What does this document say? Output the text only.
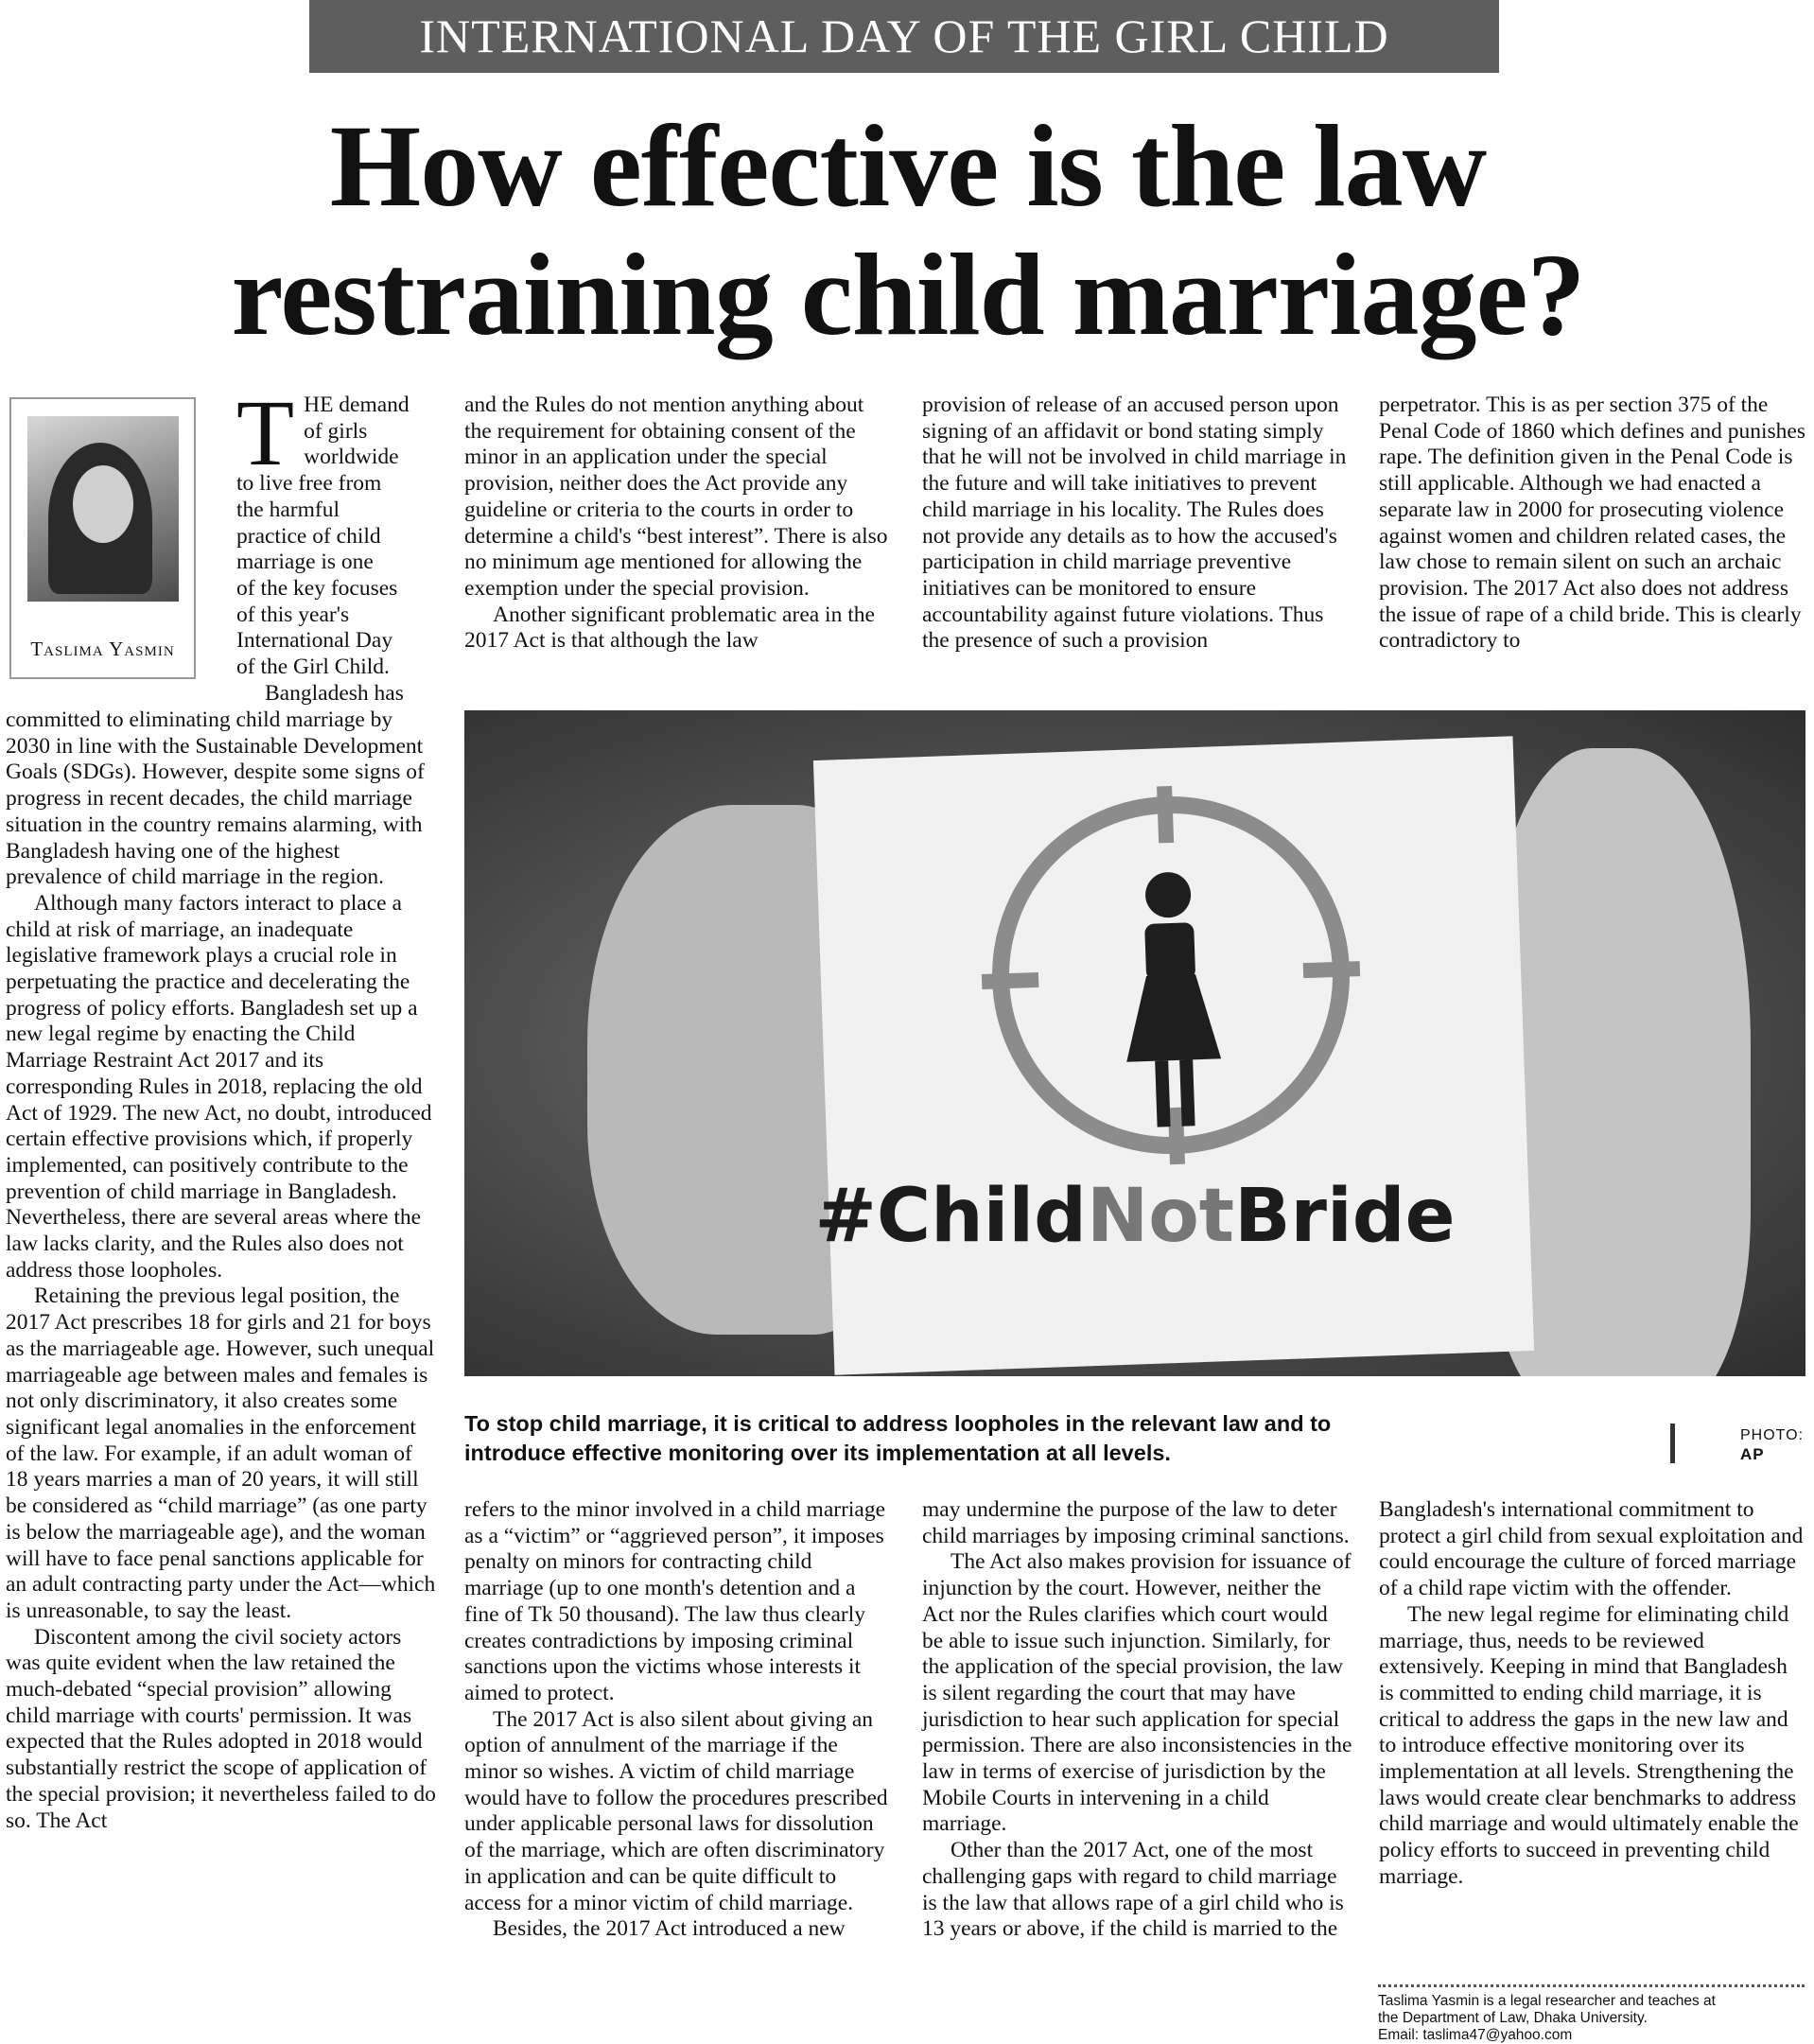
INTERNATIONAL DAY OF THE GIRL CHILD
How effective is the law
restraining child marriage?
Taslima Yasmin
T HE demand
of girls
worldwide
to live free from
the harmful
practice of child
marriage is one
of the key focuses
of this year's
International Day
of the Girl Child.
Bangladesh has

committed to eliminating child marriage by 2030 in line with the Sustainable Development Goals (SDGs). However, despite some signs of progress in recent decades, the child marriage situation in the country remains alarming, with Bangladesh having one of the highest prevalence of child marriage in the region.

Although many factors interact to place a child at risk of marriage, an inadequate legislative framework plays a crucial role in perpetuating the practice and decelerating the progress of policy efforts. Bangladesh set up a new legal regime by enacting the Child Marriage Restraint Act 2017 and its corresponding Rules in 2018, replacing the old Act of 1929. The new Act, no doubt, introduced certain effective provisions which, if properly implemented, can positively contribute to the prevention of child marriage in Bangladesh. Nevertheless, there are several areas where the law lacks clarity, and the Rules also does not address those loopholes.

Retaining the previous legal position, the 2017 Act prescribes 18 for girls and 21 for boys as the marriageable age. However, such unequal marriageable age between males and females is not only discriminatory, it also creates some significant legal anomalies in the enforcement of the law. For example, if an adult woman of 18 years marries a man of 20 years, it will still be considered as “child marriage” (as one party is below the marriageable age), and the woman will have to face penal sanctions applicable for an adult contracting party under the Act—which is unreasonable, to say the least.

Discontent among the civil society actors was quite evident when the law retained the much-debated “special provision” allowing child marriage with courts' permission. It was expected that the Rules adopted in 2018 would substantially restrict the scope of application of the special provision; it nevertheless failed to do so. The Act

and the Rules do not mention anything about the requirement for obtaining consent of the minor in an application under the special provision, neither does the Act provide any guideline or criteria to the courts in order to determine a child's “best interest”. There is also no minimum age mentioned for allowing the exemption under the special provision.

Another significant problematic area in the 2017 Act is that although the law

provision of release of an accused person upon signing of an affidavit or bond stating simply that he will not be involved in child marriage in the future and will take initiatives to prevent child marriage in his locality. The Rules does not provide any details as to how the accused's participation in child marriage preventive initiatives can be monitored to ensure accountability against future violations. Thus the presence of such a provision

perpetrator. This is as per section 375 of the Penal Code of 1860 which defines and punishes rape. The definition given in the Penal Code is still applicable. Although we had enacted a separate law in 2000 for prosecuting violence against women and children related cases, the law chose to remain silent on such an archaic provision. The 2017 Act also does not address the issue of rape of a child bride. This is clearly contradictory to

#ChildNotBride
To stop child marriage, it is critical to address loopholes in the relevant law and to introduce effective monitoring over its implementation at all levels.
PHOTO:
AP

refers to the minor involved in a child marriage as a “victim” or “aggrieved person”, it imposes penalty on minors for contracting child marriage (up to one month's detention and a fine of Tk 50 thousand). The law thus clearly creates contradictions by imposing criminal sanctions upon the victims whose interests it aimed to protect.

The 2017 Act is also silent about giving an option of annulment of the marriage if the minor so wishes. A victim of child marriage would have to follow the procedures prescribed under applicable personal laws for dissolution of the marriage, which are often discriminatory in application and can be quite difficult to access for a minor victim of child marriage.

Besides, the 2017 Act introduced a new

may undermine the purpose of the law to deter child marriages by imposing criminal sanctions.

The Act also makes provision for issuance of injunction by the court. However, neither the Act nor the Rules clarifies which court would be able to issue such injunction. Similarly, for the application of the special provision, the law is silent regarding the court that may have jurisdiction to hear such application for special permission. There are also inconsistencies in the law in terms of exercise of jurisdiction by the Mobile Courts in intervening in a child marriage.

Other than the 2017 Act, one of the most challenging gaps with regard to child marriage is the law that allows rape of a girl child who is 13 years or above, if the child is married to the

Bangladesh's international commitment to protect a girl child from sexual exploitation and could encourage the culture of forced marriage of a child rape victim with the offender.

The new legal regime for eliminating child marriage, thus, needs to be reviewed extensively. Keeping in mind that Bangladesh is committed to ending child marriage, it is critical to address the gaps in the new law and to introduce effective monitoring over its implementation at all levels. Strengthening the laws would create clear benchmarks to address child marriage and would ultimately enable the policy efforts to succeed in preventing child marriage.

Taslima Yasmin is a legal researcher and teaches at
the Department of Law, Dhaka University.
Email: taslima47@yahoo.com
